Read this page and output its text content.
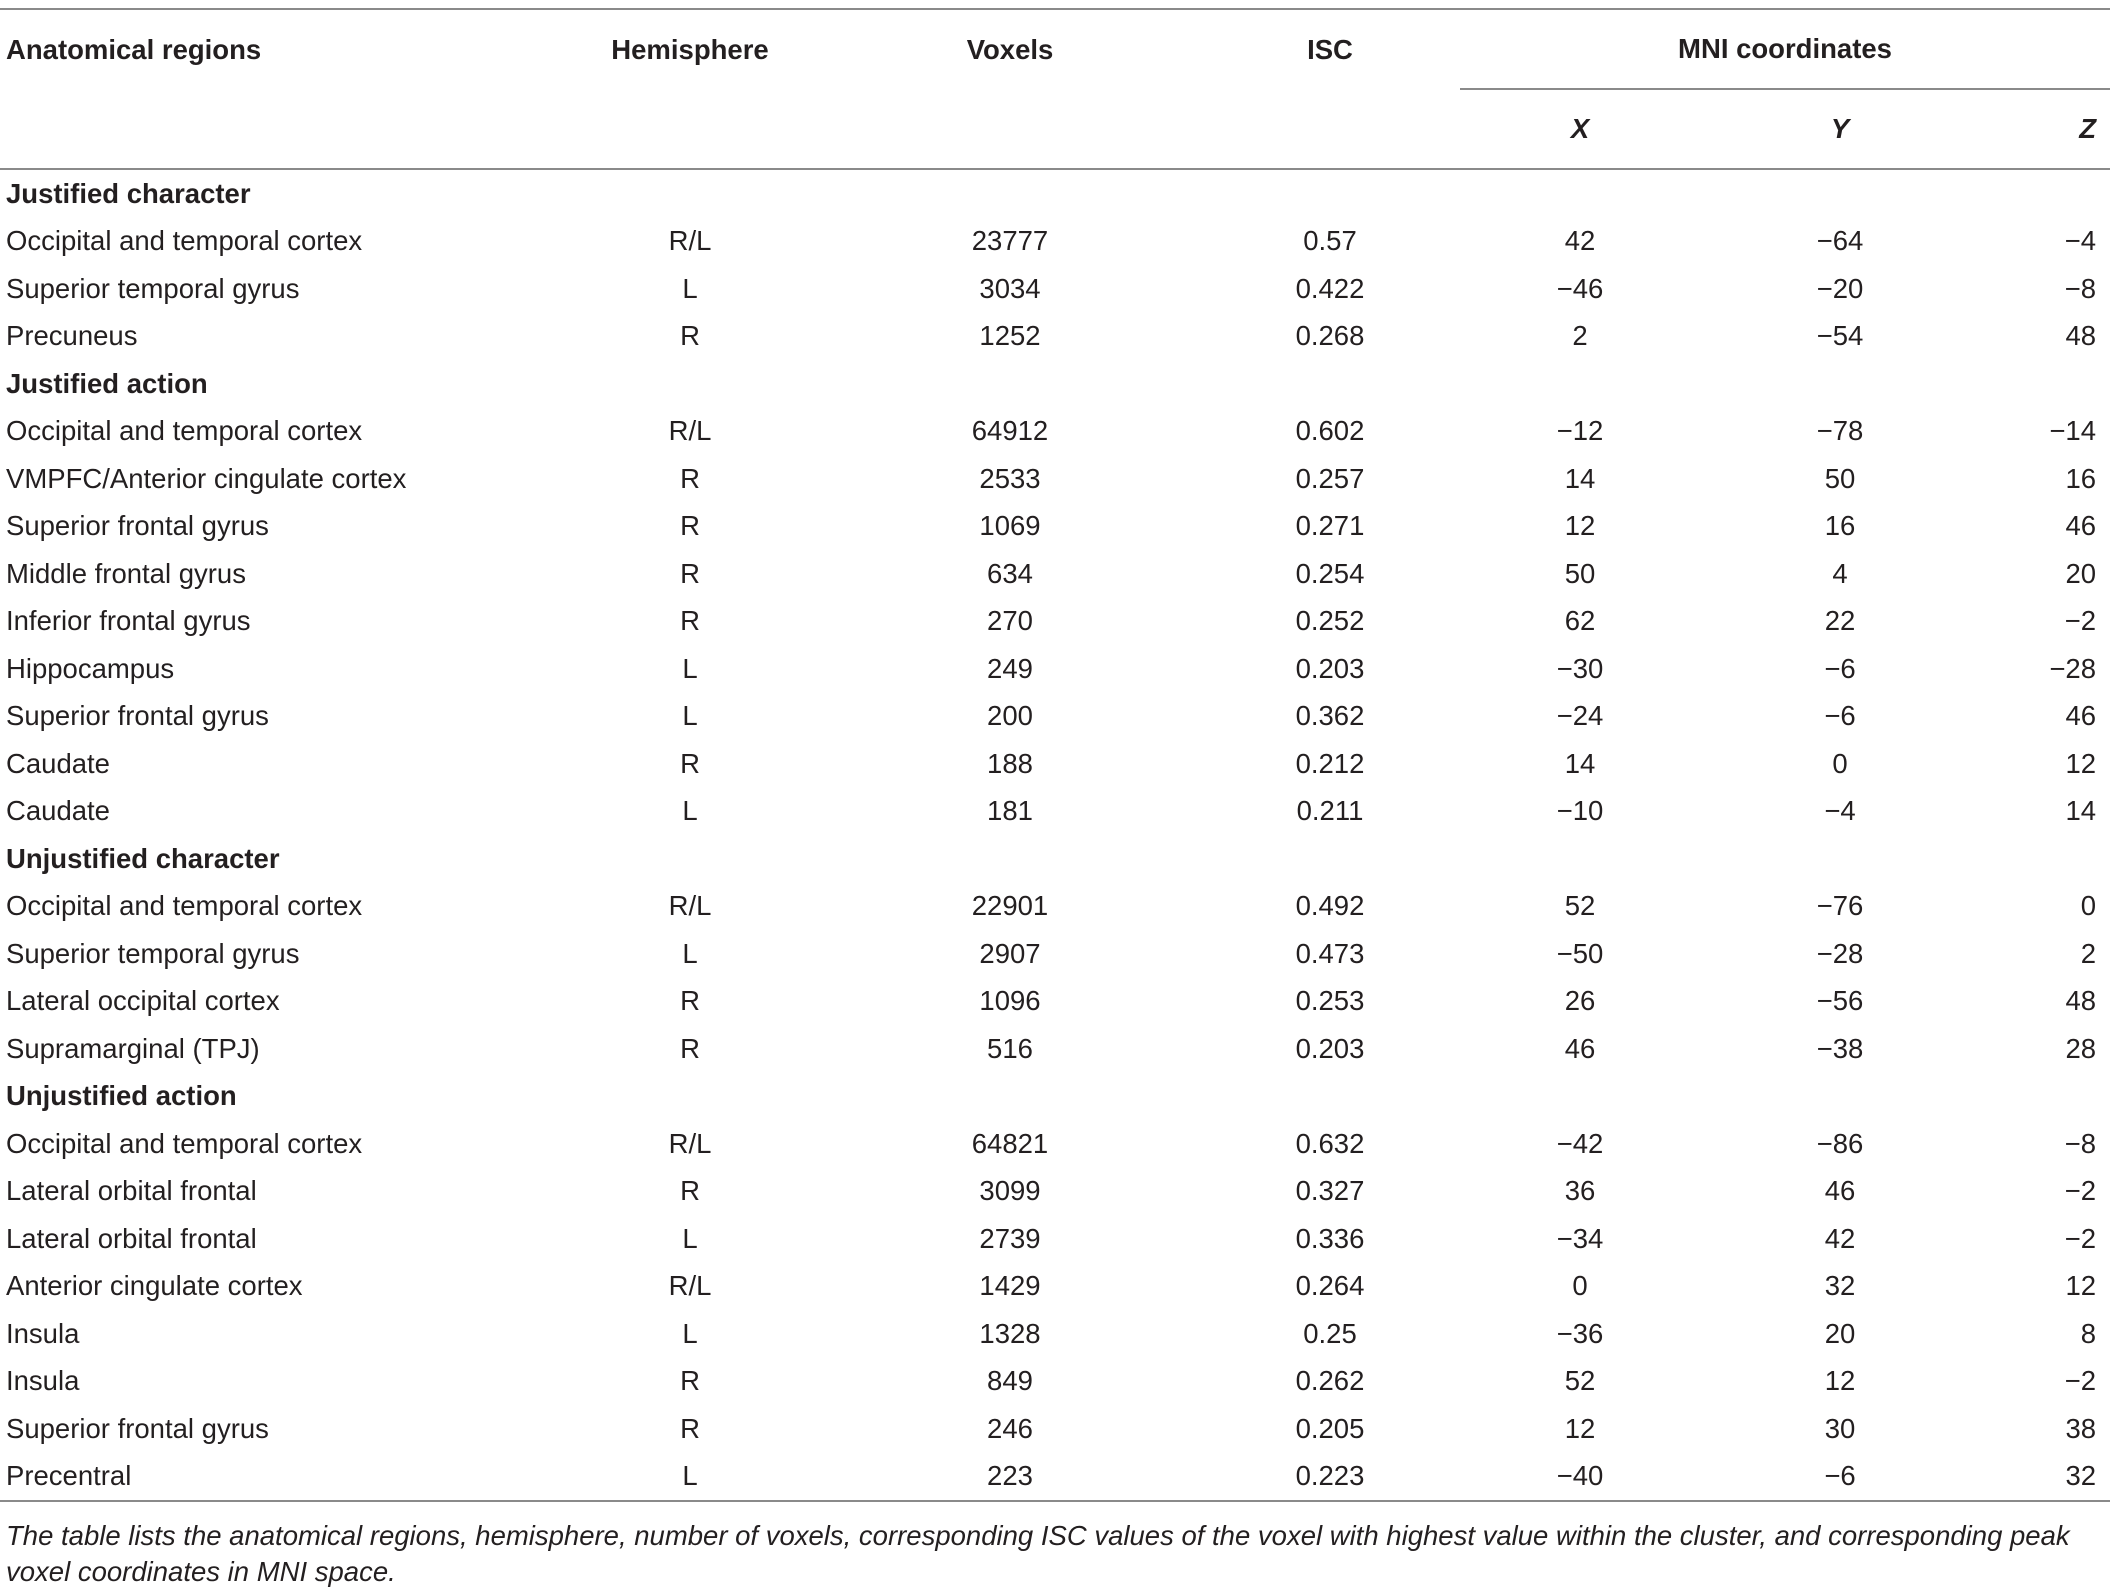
Anatomical regions	Hemisphere	Voxels	ISC	MNI coordinates		
				X	Y	Z
Justified character						
Occipital and temporal cortex	R/L	23777	0.57	42	−64	−4
Superior temporal gyrus	L	3034	0.422	−46	−20	−8
Precuneus	R	1252	0.268	2	−54	48
Justified action						
Occipital and temporal cortex	R/L	64912	0.602	−12	−78	−14
VMPFC/Anterior cingulate cortex	R	2533	0.257	14	50	16
Superior frontal gyrus	R	1069	0.271	12	16	46
Middle frontal gyrus	R	634	0.254	50	4	20
Inferior frontal gyrus	R	270	0.252	62	22	−2
Hippocampus	L	249	0.203	−30	−6	−28
Superior frontal gyrus	L	200	0.362	−24	−6	46
Caudate	R	188	0.212	14	0	12
Caudate	L	181	0.211	−10	−4	14
Unjustified character						
Occipital and temporal cortex	R/L	22901	0.492	52	−76	0
Superior temporal gyrus	L	2907	0.473	−50	−28	2
Lateral occipital cortex	R	1096	0.253	26	−56	48
Supramarginal (TPJ)	R	516	0.203	46	−38	28
Unjustified action						
Occipital and temporal cortex	R/L	64821	0.632	−42	−86	−8
Lateral orbital frontal	R	3099	0.327	36	46	−2
Lateral orbital frontal	L	2739	0.336	−34	42	−2
Anterior cingulate cortex	R/L	1429	0.264	0	32	12
Insula	L	1328	0.25	−36	20	8
Insula	R	849	0.262	52	12	−2
Superior frontal gyrus	R	246	0.205	12	30	38
Precentral	L	223	0.223	−40	−6	32
The table lists the anatomical regions, hemisphere, number of voxels, corresponding ISC values of the voxel with highest value within the cluster, and corresponding peak voxel coordinates in MNI space.
